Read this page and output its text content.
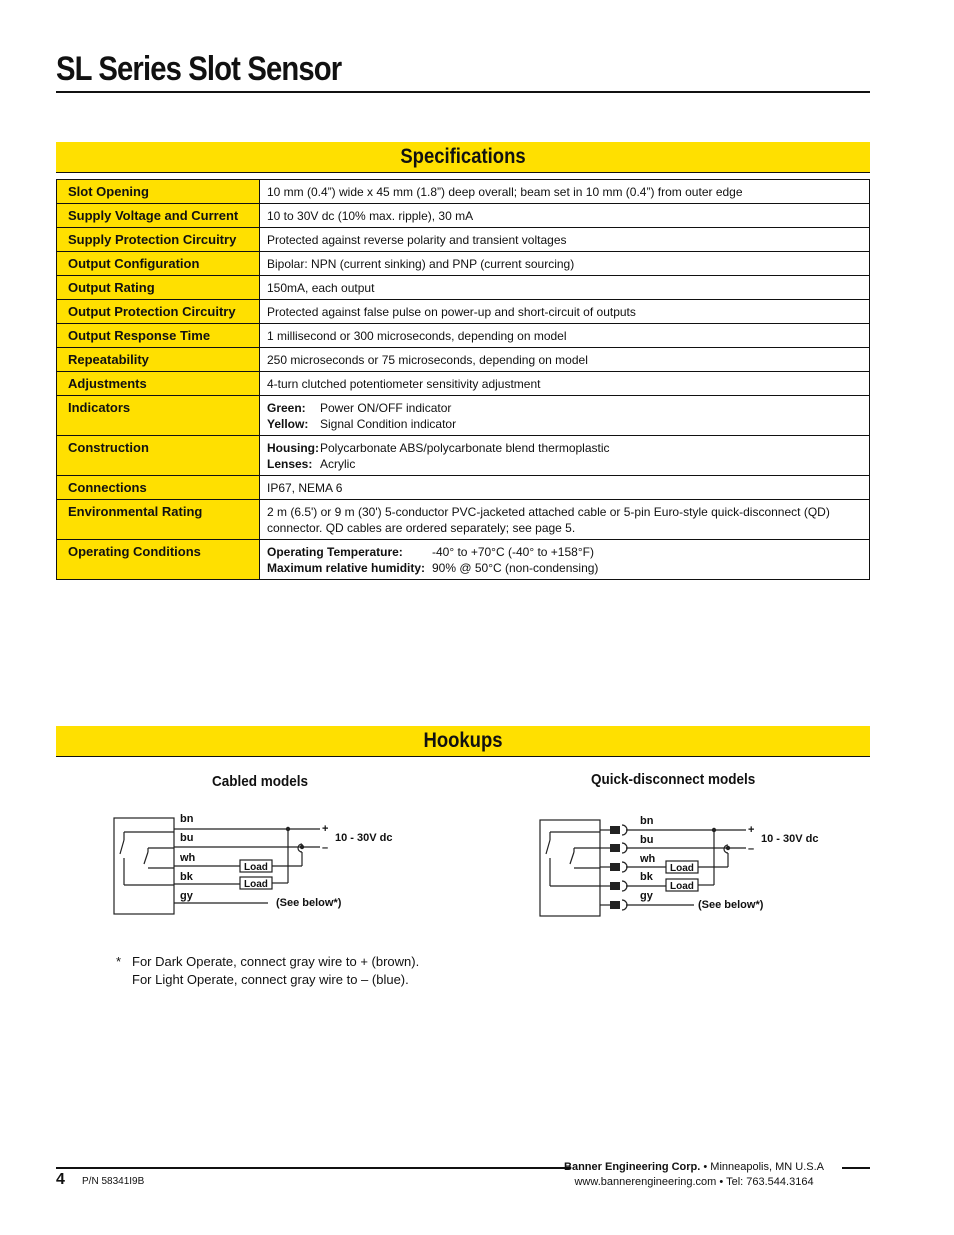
SL Series Slot Sensor
Specifications
Slot Opening	10 mm (0.4”) wide x 45 mm (1.8”) deep overall; beam set in 10 mm (0.4”) from outer edge
Supply Voltage and Current	10 to 30V dc (10% max. ripple), 30 mA
Supply Protection Circuitry	Protected against reverse polarity and transient voltages
Output Configuration	Bipolar: NPN (current sinking) and PNP (current sourcing)
Output Rating	150mA, each output
Output Protection Circuitry	Protected against false pulse on power-up and short-circuit of outputs
Output Response Time	1 millisecond or 300 microseconds, depending on model
Repeatability	250 microseconds or 75 microseconds, depending on model
Adjustments	4-turn clutched potentiometer sensitivity adjustment
Indicators	Green: Power ON/OFF indicator
Yellow: Signal Condition indicator

Construction	Housing:Polycarbonate ABS/polycarbonate blend thermoplastic
Lenses: Acrylic

Connections	IP67, NEMA 6
Environmental Rating	2 m (6.5') or 9 m (30') 5-conductor PVC-jacketed attached cable or 5-pin Euro-style quick-disconnect (QD) connector. QD cables are ordered separately; see page 5.
Operating Conditions	Operating Temperature: -40° to +70°C (-40° to +158°F)
Maximum relative humidity: 90% @ 50°C (non-condensing)
Hookups
Cabled models	Quick-disconnect models
bn
bu
wh
bk
gy
+
–
10 - 30V dc
Load
Load
(See below*)
bn
bu
wh
bk
gy
+
–
10 - 30V dc
Load
Load
(See below*)
* For Dark Operate, connect gray wire to + (brown).
For Light Operate, connect gray wire to – (blue).
4 P/N 58341I9B
Banner Engineering Corp. • Minneapolis, MN U.S.A
www.bannerengineering.com • Tel: 763.544.3164
